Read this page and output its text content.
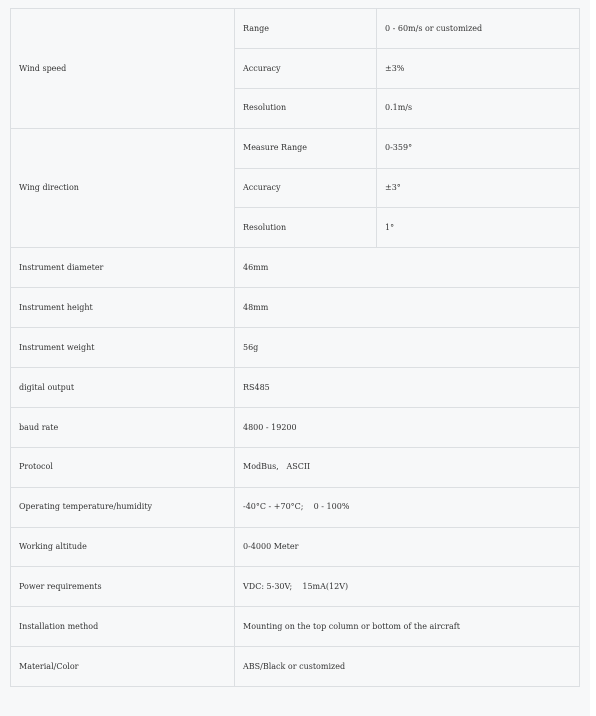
Wind speed	Range	0 - 60m/s or customized
	Accuracy	±3%
	Resolution	0.1m/s
Wing direction	Measure Range	0-359°
	Accuracy	±3°
	Resolution	1°
Instrument diameter	46mm	
Instrument height	48mm	
Instrument weight	56g	
digital output	RS485	
baud rate	4800 - 19200	
Protocol	ModBus,   ASCII	
Operating temperature/humidity	-40°C - +70°C;    0 - 100%	
Working altitude	0-4000 Meter	
Power requirements	VDC: 5-30V;    15mA(12V)	
Installation method	Mounting on the top column or bottom of the aircraft	
Material/Color	ABS/Black or customized	
